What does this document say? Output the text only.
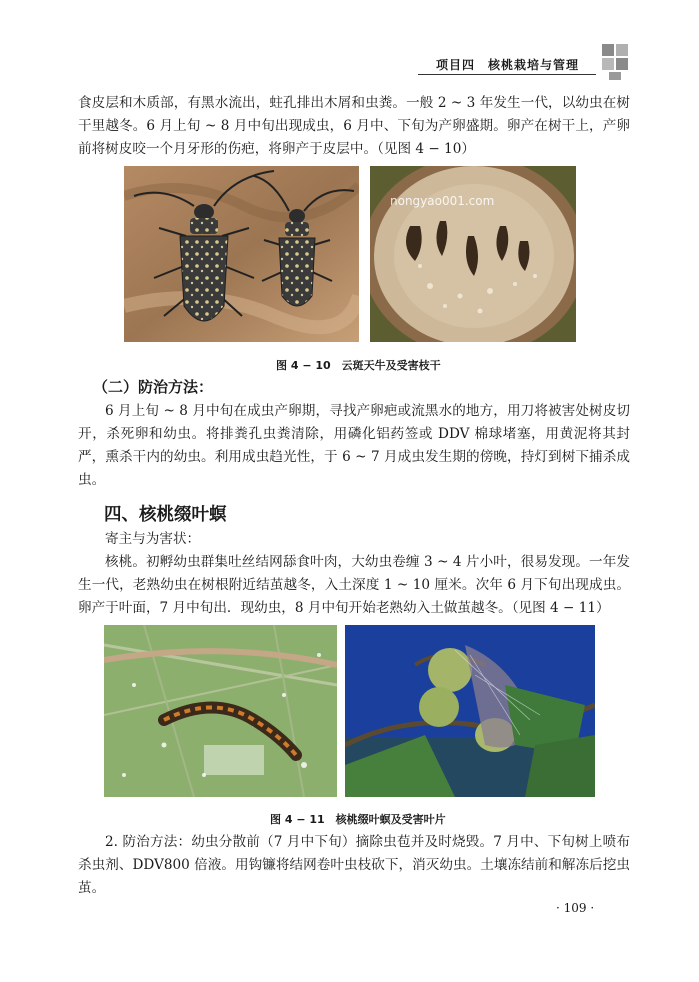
项目四　核桃栽培与管理

食皮层和木质部，有黑水流出，蛀孔排出木屑和虫粪。一般 2 ~ 3 年发生一代，以幼虫在树干里越冬。6 月上旬 ~ 8 月中旬出现成虫，6 月中、下旬为产卵盛期。卵产在树干上，产卵前将树皮咬一个月牙形的伤疤，将卵产于皮层中。（见图 4 − 10）

nongyao001.com
图 4 − 10　云斑天牛及受害枝干
（二）防治方法：

6 月上旬 ~ 8 月中旬在成虫产卵期，寻找产卵疤或流黑水的地方，用刀将被害处树皮切开，杀死卵和幼虫。将排粪孔虫粪清除，用磷化铝药签或 DDV 棉球堵塞，用黄泥将其封严，熏杀干内的幼虫。利用成虫趋光性，于 6 ~ 7 月成虫发生期的傍晚，持灯到树下捕杀成虫。

四、核桃缀叶螟

寄主与为害状：

核桃。初孵幼虫群集吐丝结网舔食叶肉，大幼虫卷缠 3 ~ 4 片小叶，很易发现。一年发生一代，老熟幼虫在树根附近结茧越冬，入土深度 1 ~ 10 厘米。次年 6 月下旬出现成虫。卵产于叶面，7 月中旬出．现幼虫，8 月中旬开始老熟幼入土做茧越冬。（见图 4 − 11）

图 4 − 11　核桃缀叶螟及受害叶片

2. 防治方法：幼虫分散前（7 月中下旬）摘除虫苞并及时烧毁。7 月中、下旬树上喷布杀虫剂、DDV800 倍液。用钩镰将结网卷叶虫枝砍下，消灭幼虫。土壤冻结前和解冻后挖虫茧。

· 109 ·
